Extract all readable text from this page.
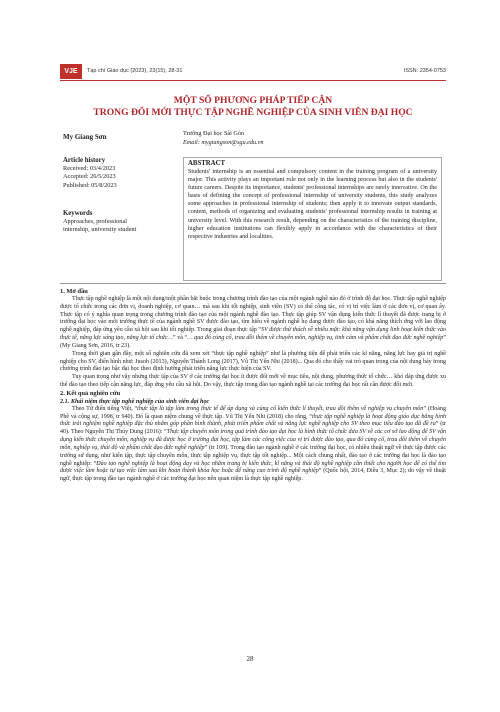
VJE	Tạp chí Giáo dục (2023), 23(15), 28-31	ISSN: 2354-0753
MỘT SỐ PHƯƠNG PHÁP TIẾP CẬN
TRONG ĐỔI MỚI THỰC TẬP NGHỀ NGHIỆP CỦA SINH VIÊN ĐẠI HỌC
My Giang Sơn	Trường Đại học Sài Gòn
Email: mygiangson@sgu.edu.vn
Article history
Received: 03/4/2023
Accepted: 26/5/2023
Published: 05/8/2023
Keywords
Approaches, professional
internship, university student
ABSTRACT
Students' internship is an essential and compulsory content in the training program of a university major. This activity plays an important role not only in the learning process but also in the students' future careers. Despite its importance, students' professional internships are rarely innovative. On the basis of defining the concept of professional internship of university students, this study analyzes some approaches in professional internship of students; then apply it to innovate output standards, content, methods of organizing and evaluating students' professional internship results in training at university level. With this research result, depending on the characteristics of the training discipline, higher education institutions can flexibly apply in accordance with the characteristics of their respective industries and localities.
1. Mở đầu

Thực tập nghề nghiệp là một nội dung/một phần bắt buộc trong chương trình đào tạo của một ngành nghề nào đó ở trình độ đại học. Thực tập nghề nghiệp được tổ chức trong các đơn vị, doanh nghiệp, cơ quan… mà sau khi tốt nghiệp, sinh viên (SV) có thể công tác, có vị trí việc làm ở các đơn vị, cơ quan ấy. Thực tập có ý nghĩa quan trọng trong chương trình đào tạo của một ngành nghề đào tạo. Thực tập giúp SV vận dụng kiến thức lí thuyết đã được trang bị ở trường đại học vào môi trường thực tế của ngành nghề SV được đào tạo, tìm hiểu về ngành nghề họ đang được đào tạo, có khả năng thích ứng với lao động nghề nghiệp, đáp ứng yêu cầu xã hội sau khi tốt nghiệp. Trong giai đoạn thực tập “SV được thử thách về nhiều mặt: khả năng vận dụng linh hoạt kiến thức vào thực tế, năng lực sáng tạo, năng lực tổ chức…” và “… qua đó củng cố, trau dồi thêm về chuyên môn, nghiệp vụ, tinh cảm và phẩm chất đạo đức nghề nghiệp” (My Giang Sơn, 2016, tr 23).

Trong thời gian gần đây, một số nghiên cứu đã xem xét “thực tập nghề nghiệp” như là phương tiện để phát triển các kĩ năng, năng lực hay giá trị nghề nghiệp cho SV, điển hình như: Jusoh (2013), Nguyễn Thành Long (2017), Vũ Thị Yến Nhi (2018)... Qua đó cho thấy vai trò quan trọng của nội dung bảy trong chương trình đào tạo bậc đại học theo định hướng phát triển năng lực thực hiện của SV.

Tuy quan trọng như vậy nhưng thực tập của SV ở các trường đại học ít được đổi mới về mục tiêu, nội dung, phương thức tổ chức… khó đáp ứng được xu thế đào tạo theo tiếp cận năng lực, đáp ứng yêu cầu xã hội. Do vậy, thực tập trong đào tạo ngành nghề tại các trường đại học rất cần được đổi mới.

2. Kết quả nghiên cứu
2.1. Khái niệm thực tập nghề nghiệp của sinh viên đại học

Theo Từ điển tiếng Việt, “thực tập là tập làm trong thực tế để áp dụng và củng cố kiến thức lí thuyết, trau dồi thêm về nghiệp vụ chuyên môn” (Hoàng Phê và cộng sự, 1998, tr 940). Đó là quan niệm chung về thực tập. Vũ Thị Yến Nhi (2018) cho rằng, “thực tập nghề nghiệp là hoạt động giáo dục bằng hình thức trải nghiệm nghề nghiệp đặc thù nhằm góp phần hình thành, phát triển phẩm chất và năng lực nghề nghiệp cho SV theo mục tiêu đào tạo đã đề ra” (tr 40). Theo Nguyễn Thị Thúy Dung (2016): “Thực tập chuyên môn trong quá trình đào tạo đại học là hình thức tổ chức đưa SV về các cơ sở lao động để SV vận dụng kiến thức chuyên môn, nghiệp vụ đã được học ở trường đại học, tập làm các công việc của vị trí được đào tạo, qua đó củng cố, trau dồi thêm về chuyên môn, nghiệp vụ, thái độ và phẩm chất đạo đức nghề nghiệp” (tr 109). Trong đào tạo ngành nghề ở các trường đại học, có nhiều thuật ngữ về thực tập được các trường sử dụng, như kiến tập, thực tập chuyên môn, thực tập nghiệp vụ, thực tập tốt nghiệp... Một cách chung nhất, đào tạo ở các trường đại học là đào tạo nghề nghiệp: “Đào tạo nghề nghiệp là hoạt động dạy và học nhằm trang bị kiến thức, kĩ năng và thái độ nghề nghiệp cần thiết cho người học để có thể tìm được việc làm hoặc tự tạo việc làm sau khi hoàn thành khóa học hoặc để nâng cao trình độ nghề nghiệp” (Quốc hội, 2014, Điều 3, Mục 2); do vậy về thuật ngữ, thực tập trong đào tạo ngành nghề ở các trường đại học nên quan niệm là thực tập nghề nghiệp.

28
